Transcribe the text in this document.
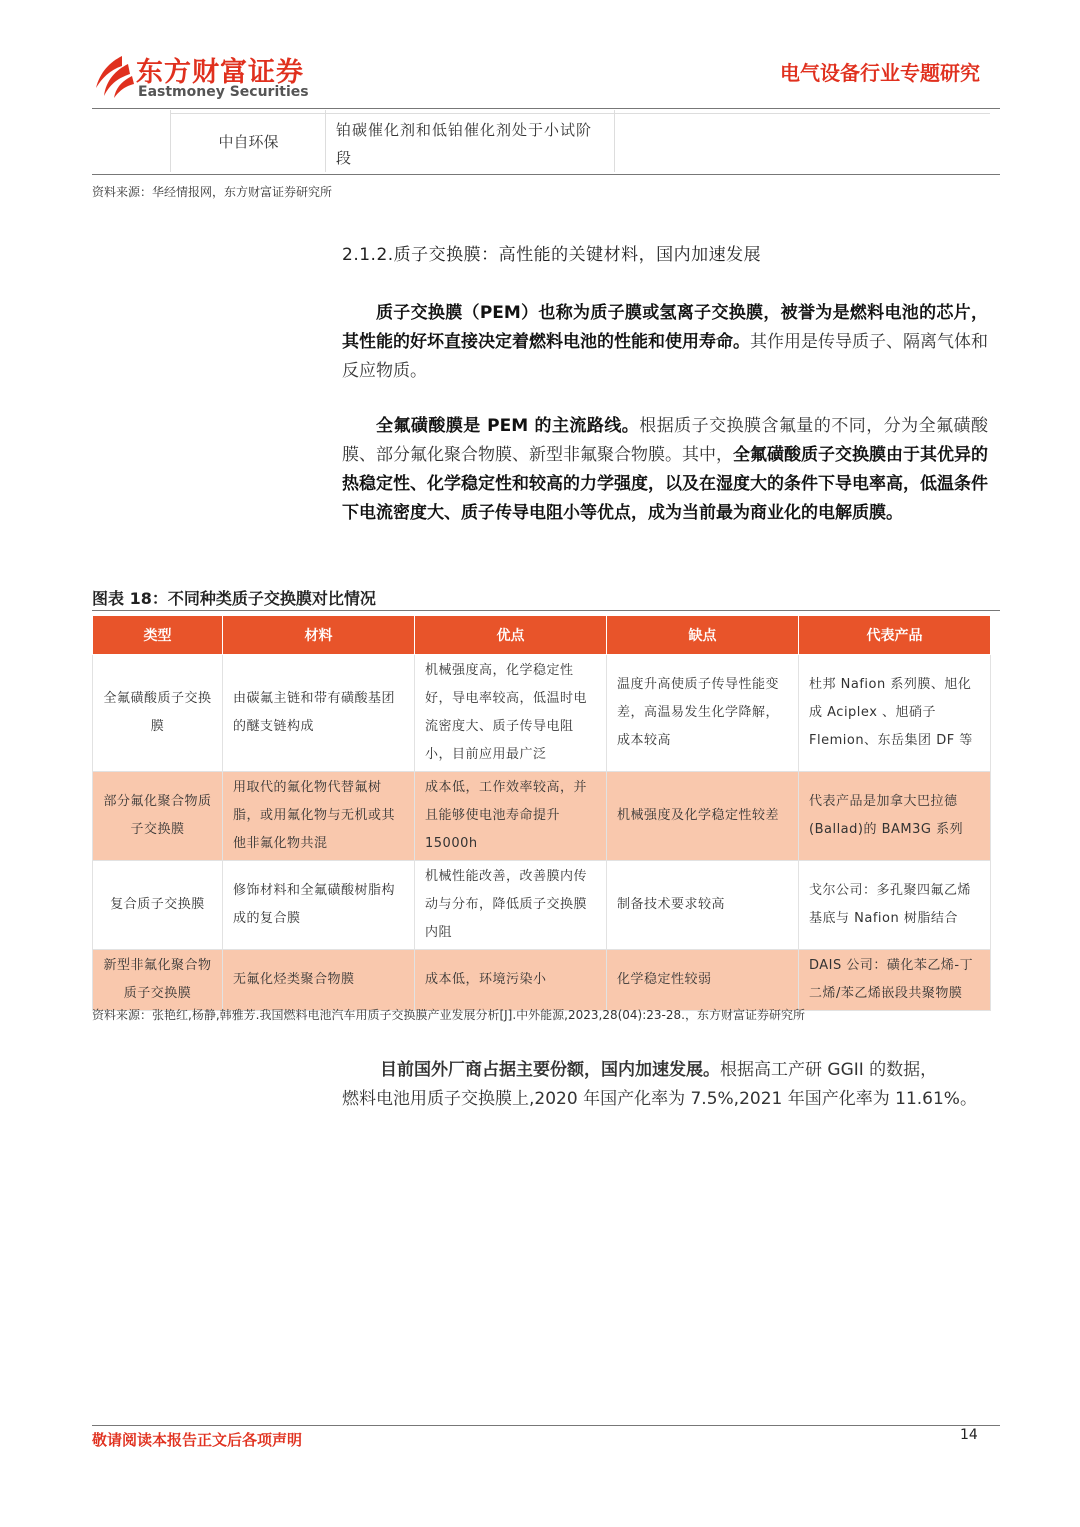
东方财富证券
Eastmoney Securities
电气设备行业专题研究
中自环保
铂碳催化剂和低铂催化剂处于小试阶段
资料来源：华经情报网，东方财富证券研究所
2.1.2.质子交换膜：高性能的关键材料，国内加速发展
质子交换膜（PEM）也称为质子膜或氢离子交换膜，被誉为是燃料电池的芯片，其性能的好坏直接决定着燃料电池的性能和使用寿命。其作用是传导质子、隔离气体和反应物质。
全氟磺酸膜是 PEM 的主流路线。根据质子交换膜含氟量的不同，分为全氟磺酸膜、部分氟化聚合物膜、新型非氟聚合物膜。其中，全氟磺酸质子交换膜由于其优异的热稳定性、化学稳定性和较高的力学强度，以及在湿度大的条件下导电率高，低温条件下电流密度大、质子传导电阻小等优点，成为当前最为商业化的电解质膜。
图表 18：不同种类质子交换膜对比情况
类型	材料	优点	缺点	代表产品
全氟磺酸质子交换膜	由碳氟主链和带有磺酸基团的醚支链构成	机械强度高，化学稳定性好，导电率较高，低温时电流密度大、质子传导电阻小，目前应用最广泛	温度升高使质子传导性能变差，高温易发生化学降解，成本较高	杜邦 Nafion 系列膜、旭化成 Aciplex 、旭硝子 Flemion、东岳集团 DF 等
部分氟化聚合物质子交换膜	用取代的氟化物代替氟树脂，或用氟化物与无机或其他非氟化物共混	成本低，工作效率较高，并且能够使电池寿命提升 15000h	机械强度及化学稳定性较差	代表产品是加拿大巴拉德(Ballad)的 BAM3G 系列
复合质子交换膜	修饰材料和全氟磺酸树脂构成的复合膜	机械性能改善，改善膜内传动与分布，降低质子交换膜内阻	制备技术要求较高	戈尔公司：多孔聚四氟乙烯基底与 Nafion 树脂结合
新型非氟化聚合物质子交换膜	无氟化烃类聚合物膜	成本低，环境污染小	化学稳定性较弱	DAIS 公司：磺化苯乙烯-丁二烯/苯乙烯嵌段共聚物膜
资料来源：张艳红,杨静,韩雅芳.我国燃料电池汽车用质子交换膜产业发展分析[J].中外能源,2023,28(04):23-28.，东方财富证券研究所
目前国外厂商占据主要份额，国内加速发展。根据高工产研 GGII 的数据，
燃料电池用质子交换膜上,2020 年国产化率为 7.5%,2021 年国产化率为 11.61%。
敬请阅读本报告正文后各项声明	14
